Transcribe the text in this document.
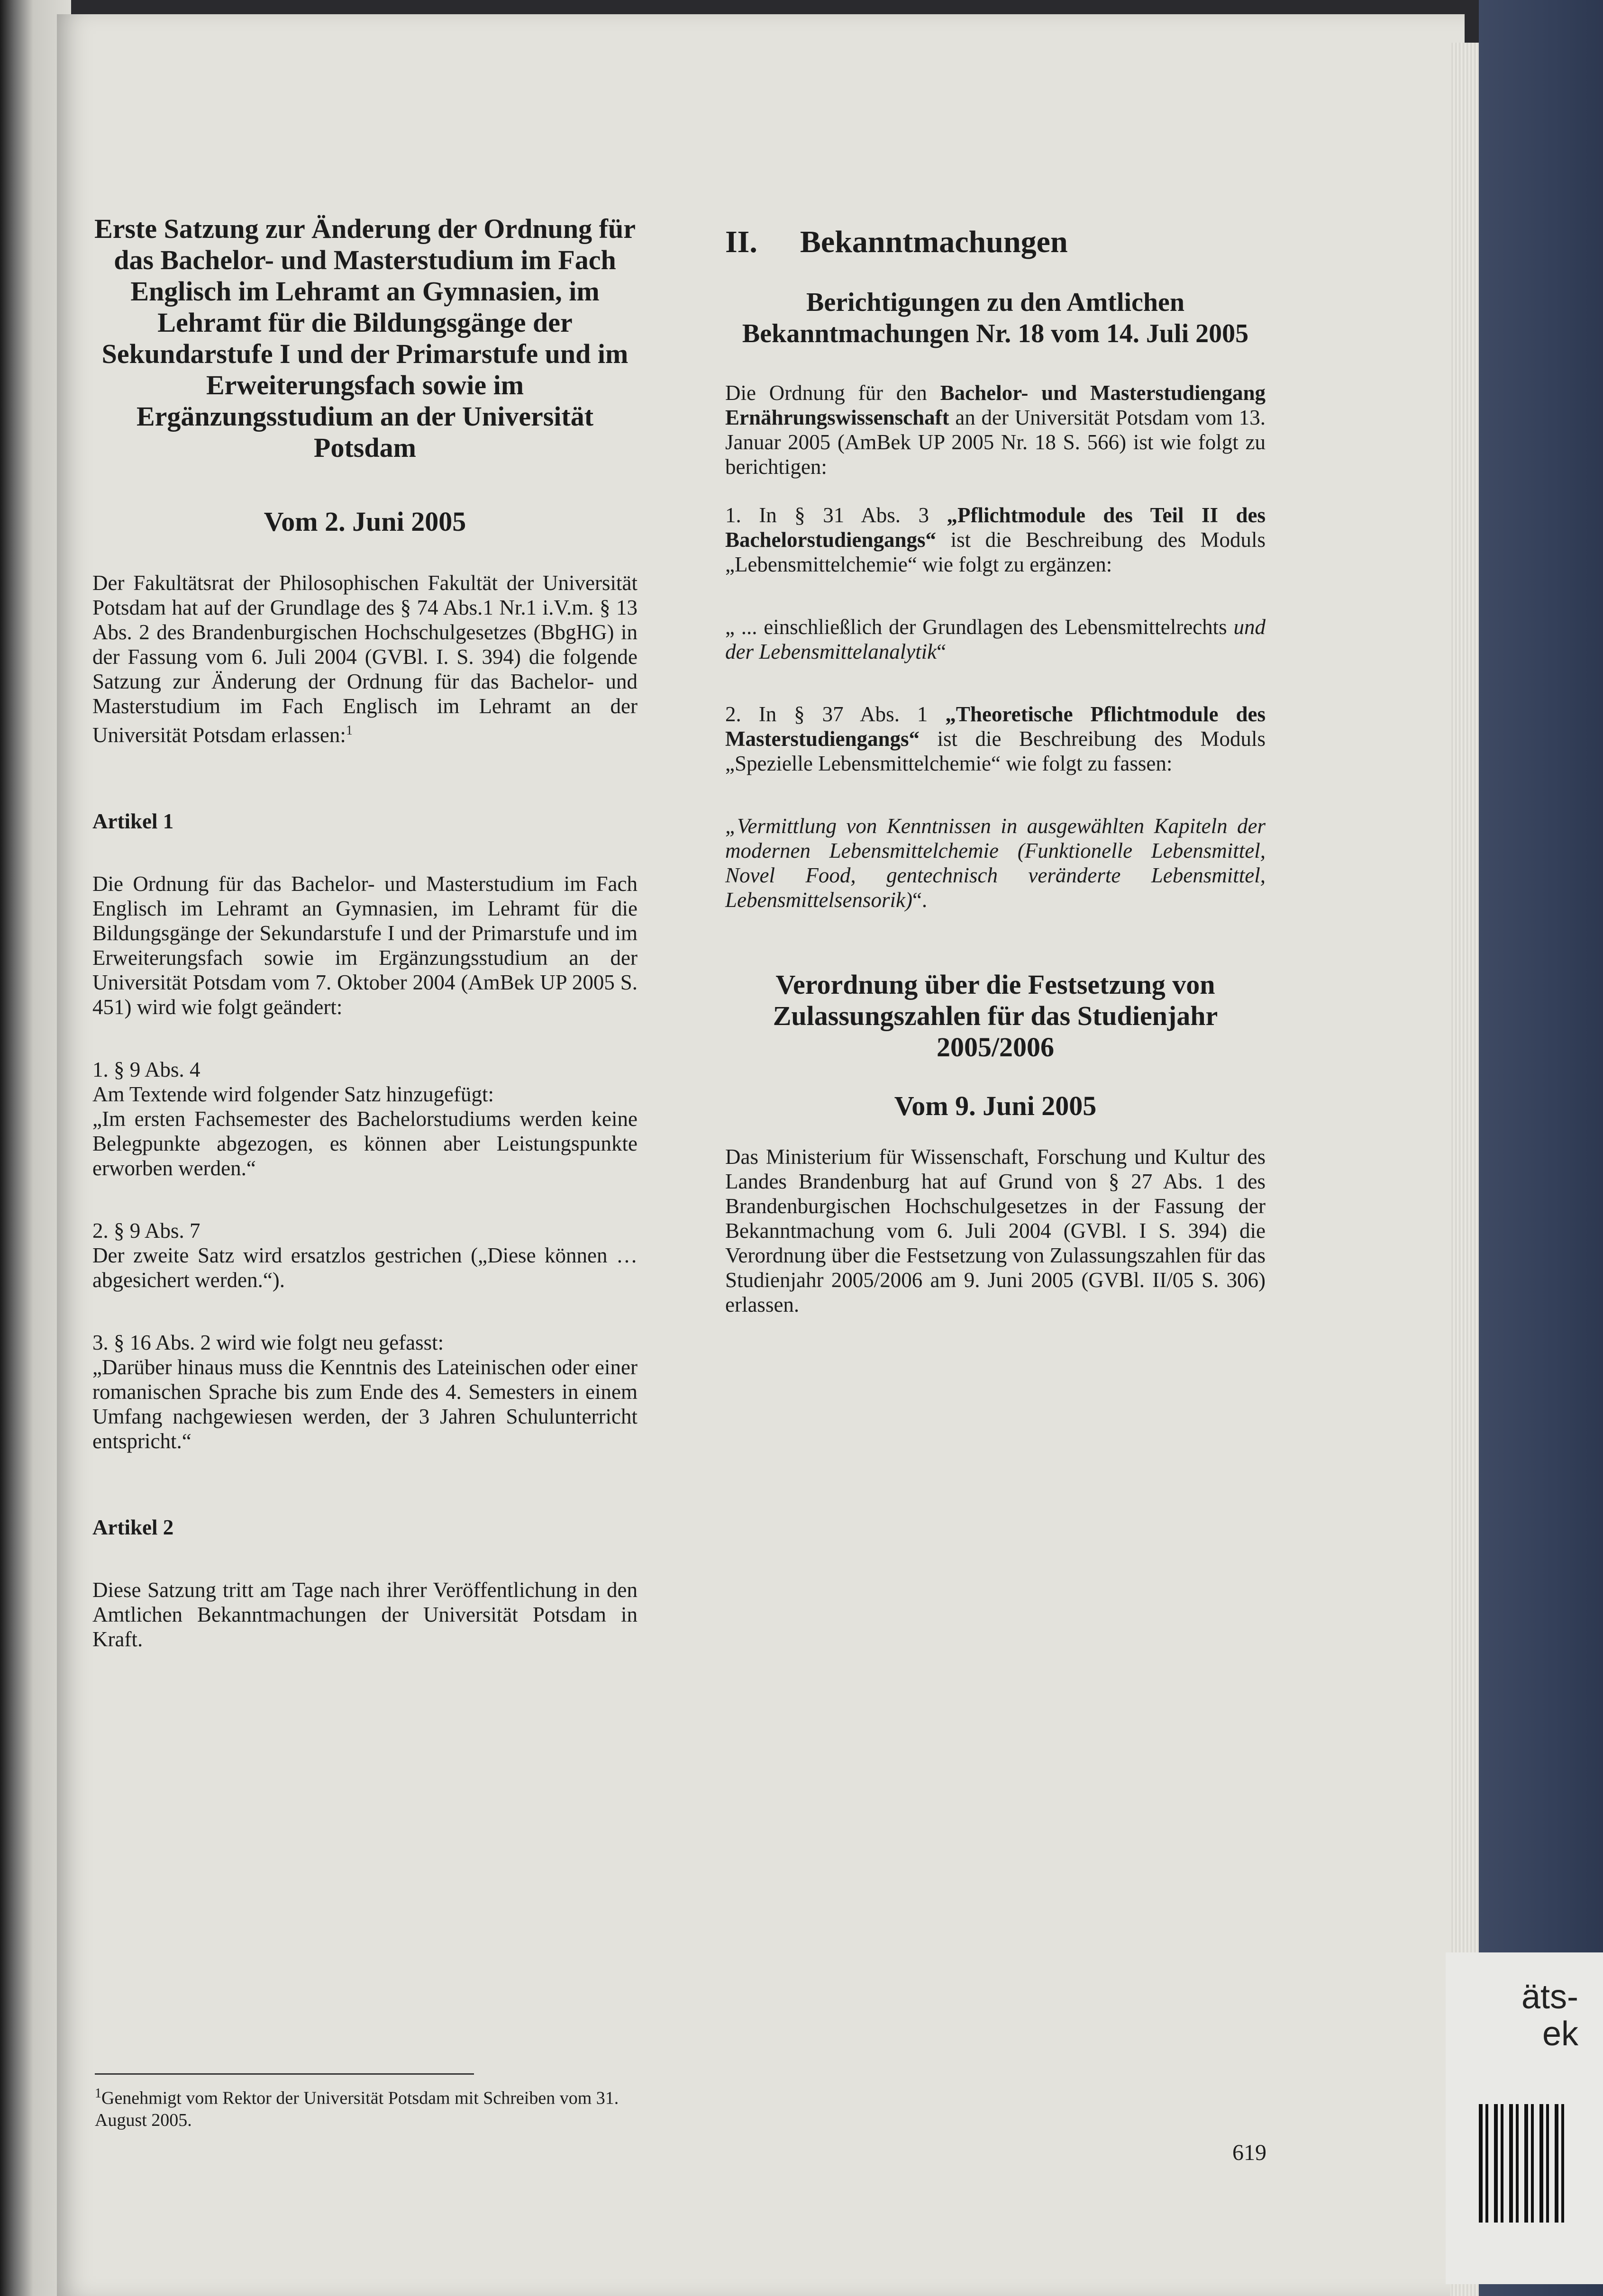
äts-
ek
Erste Satzung zur Änderung der Ordnung für das Bachelor- und Masterstudium im Fach Englisch im Lehramt an Gymnasien, im Lehramt für die Bildungsgänge der Sekundarstufe I und der Primarstufe und im Erweiterungsfach sowie im Ergänzungsstudium an der Universität Potsdam
Vom 2. Juni 2005

Der Fakultätsrat der Philosophischen Fakultät der Universität Potsdam hat auf der Grundlage des § 74 Abs.1 Nr.1 i.V.m. § 13 Abs. 2 des Brandenburgischen Hochschulgesetzes (BbgHG) in der Fassung vom 6. Juli 2004 (GVBl. I. S. 394) die folgende Satzung zur Änderung der Ordnung für das Bachelor- und Masterstudium im Fach Englisch im Lehramt an der Universität Potsdam erlassen:$^1$

Artikel 1

Die Ordnung für das Bachelor- und Masterstudium im Fach Englisch im Lehramt an Gymnasien, im Lehramt für die Bildungsgänge der Sekundarstufe I und der Primarstufe und im Erweiterungsfach sowie im Ergänzungsstudium an der Universität Potsdam vom 7. Oktober 2004 (AmBek UP 2005 S. 451) wird wie folgt geändert:

1. § 9 Abs. 4
Am Textende wird folgender Satz hinzugefügt:

„Im ersten Fachsemester des Bachelorstudiums werden keine Belegpunkte abgezogen, es können aber Leistungspunkte erworben werden.“

2. § 9 Abs. 7

Der zweite Satz wird ersatzlos gestrichen („Diese können … abgesichert werden.“).

3. § 16 Abs. 2 wird wie folgt neu gefasst:

„Darüber hinaus muss die Kenntnis des Lateinischen oder einer romanischen Sprache bis zum Ende des 4. Semesters in einem Umfang nachgewiesen werden, der 3 Jahren Schulunterricht entspricht.“

Artikel 2

Diese Satzung tritt am Tage nach ihrer Veröffentlichung in den Amtlichen Bekanntmachungen der Universität Potsdam in Kraft.

II. Bekanntmachungen
Berichtigungen zu den Amtlichen Bekanntmachungen Nr. 18 vom 14. Juli 2005

Die Ordnung für den Bachelor- und Masterstudiengang Ernährungswissenschaft an der Universität Potsdam vom 13. Januar 2005 (AmBek UP 2005 Nr. 18 S. 566) ist wie folgt zu berichtigen:

1. In § 31 Abs. 3 „Pflichtmodule des Teil II des Bachelorstudiengangs“ ist die Beschreibung des Moduls „Lebensmittelchemie“ wie folgt zu ergänzen:

„ ... einschließlich der Grundlagen des Lebensmittelrechts und der Lebensmittelanalytik“

2. In § 37 Abs. 1 „Theoretische Pflichtmodule des Masterstudiengangs“ ist die Beschreibung des Moduls „Spezielle Lebensmittelchemie“ wie folgt zu fassen:

„Vermittlung von Kenntnissen in ausgewählten Kapiteln der modernen Lebensmittelchemie (Funktionelle Lebensmittel, Novel Food, gentechnisch veränderte Lebensmittel, Lebensmittelsensorik)“.

Verordnung über die Festsetzung von Zulassungszahlen für das Studienjahr 2005/2006
Vom 9. Juni 2005

Das Ministerium für Wissenschaft, Forschung und Kultur des Landes Brandenburg hat auf Grund von § 27 Abs. 1 des Brandenburgischen Hochschulgesetzes in der Fassung der Bekanntmachung vom 6. Juli 2004 (GVBl. I S. 394) die Verordnung über die Festsetzung von Zulassungszahlen für das Studienjahr 2005/2006 am 9. Juni 2005 (GVBl. II/05 S. 306) erlassen.

$^1$Genehmigt vom Rektor der Universität Potsdam mit Schreiben vom 31. August 2005.
619
